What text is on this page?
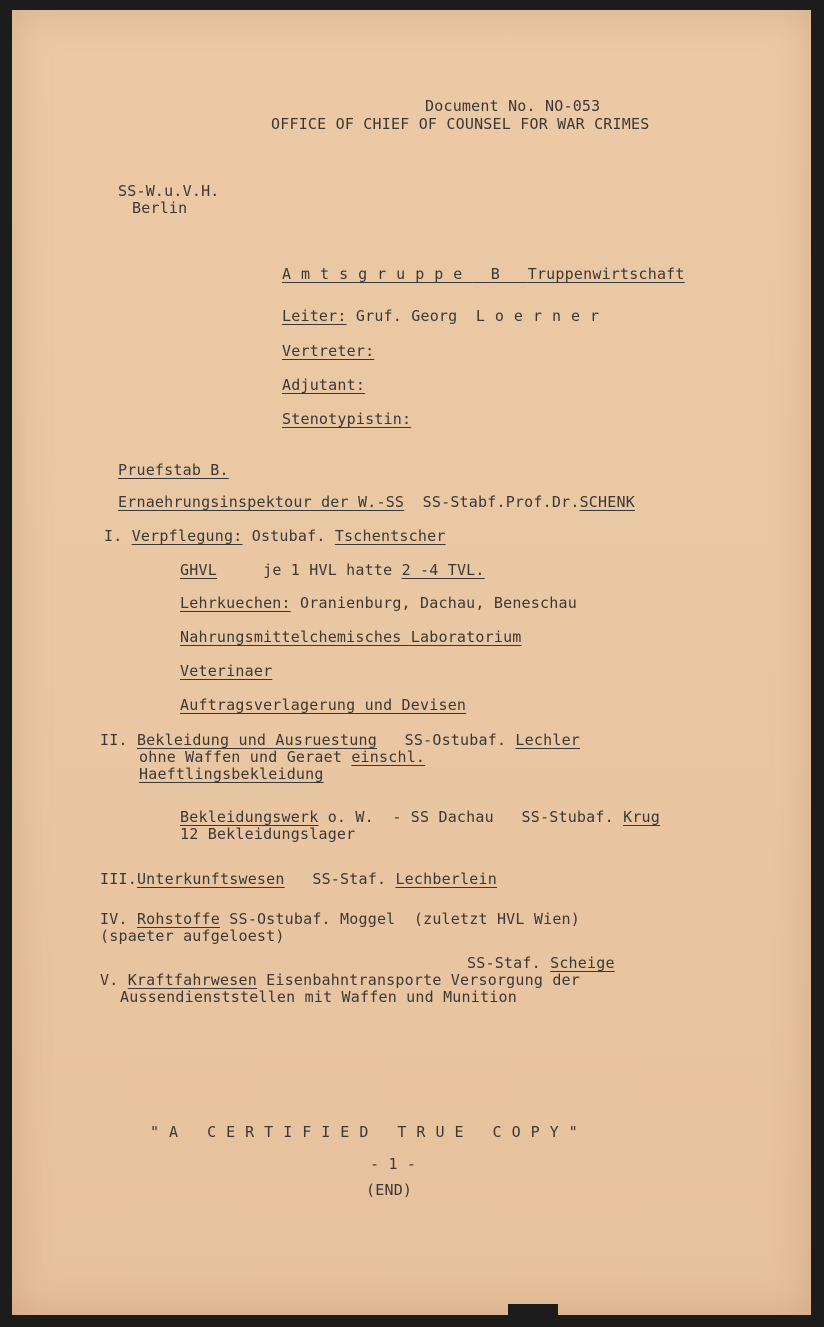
Document No. NO-053
OFFICE OF CHIEF OF COUNSEL FOR WAR CRIMES
SS-W.u.V.H.
Berlin
Amtsgruppe B Truppenwirtschaft
Leiter: Gruf. Georg Loerner
Vertreter:
Adjutant:
Stenotypistin:
Pruefstab B.
Ernaehrungsinspektour der W.-SS SS-Stabf.Prof.Dr.SCHENK
I. Verpflegung: Ostubaf. Tschentscher
GHVL	je 1 HVL hatte 2 -4 TVL.
Lehrkuechen: Oranienburg, Dachau, Beneschau
Nahrungsmittelchemisches Laboratorium
Veterinaer
Auftragsverlagerung und Devisen
II. Bekleidung und Ausruestung SS-Ostubaf. Lechler
ohne Waffen und Geraet einschl.
Haeftlingsbekleidung
Bekleidungswerk o. W.  - SS Dachau   SS-Stubaf. Krug
12 Bekleidungslager
III.Unterkunftswesen SS-Staf. Lechberlein
IV. Rohstoffe SS-Ostubaf. Moggel  (zuletzt HVL Wien)
(spaeter aufgeloest)
SS-Staf. Scheige
V. Kraftfahrwesen Eisenbahntransporte Versorgung der
Aussendienststellen mit Waffen und Munition
"A CERTIFIED TRUE COPY"
- 1 -
(END)
